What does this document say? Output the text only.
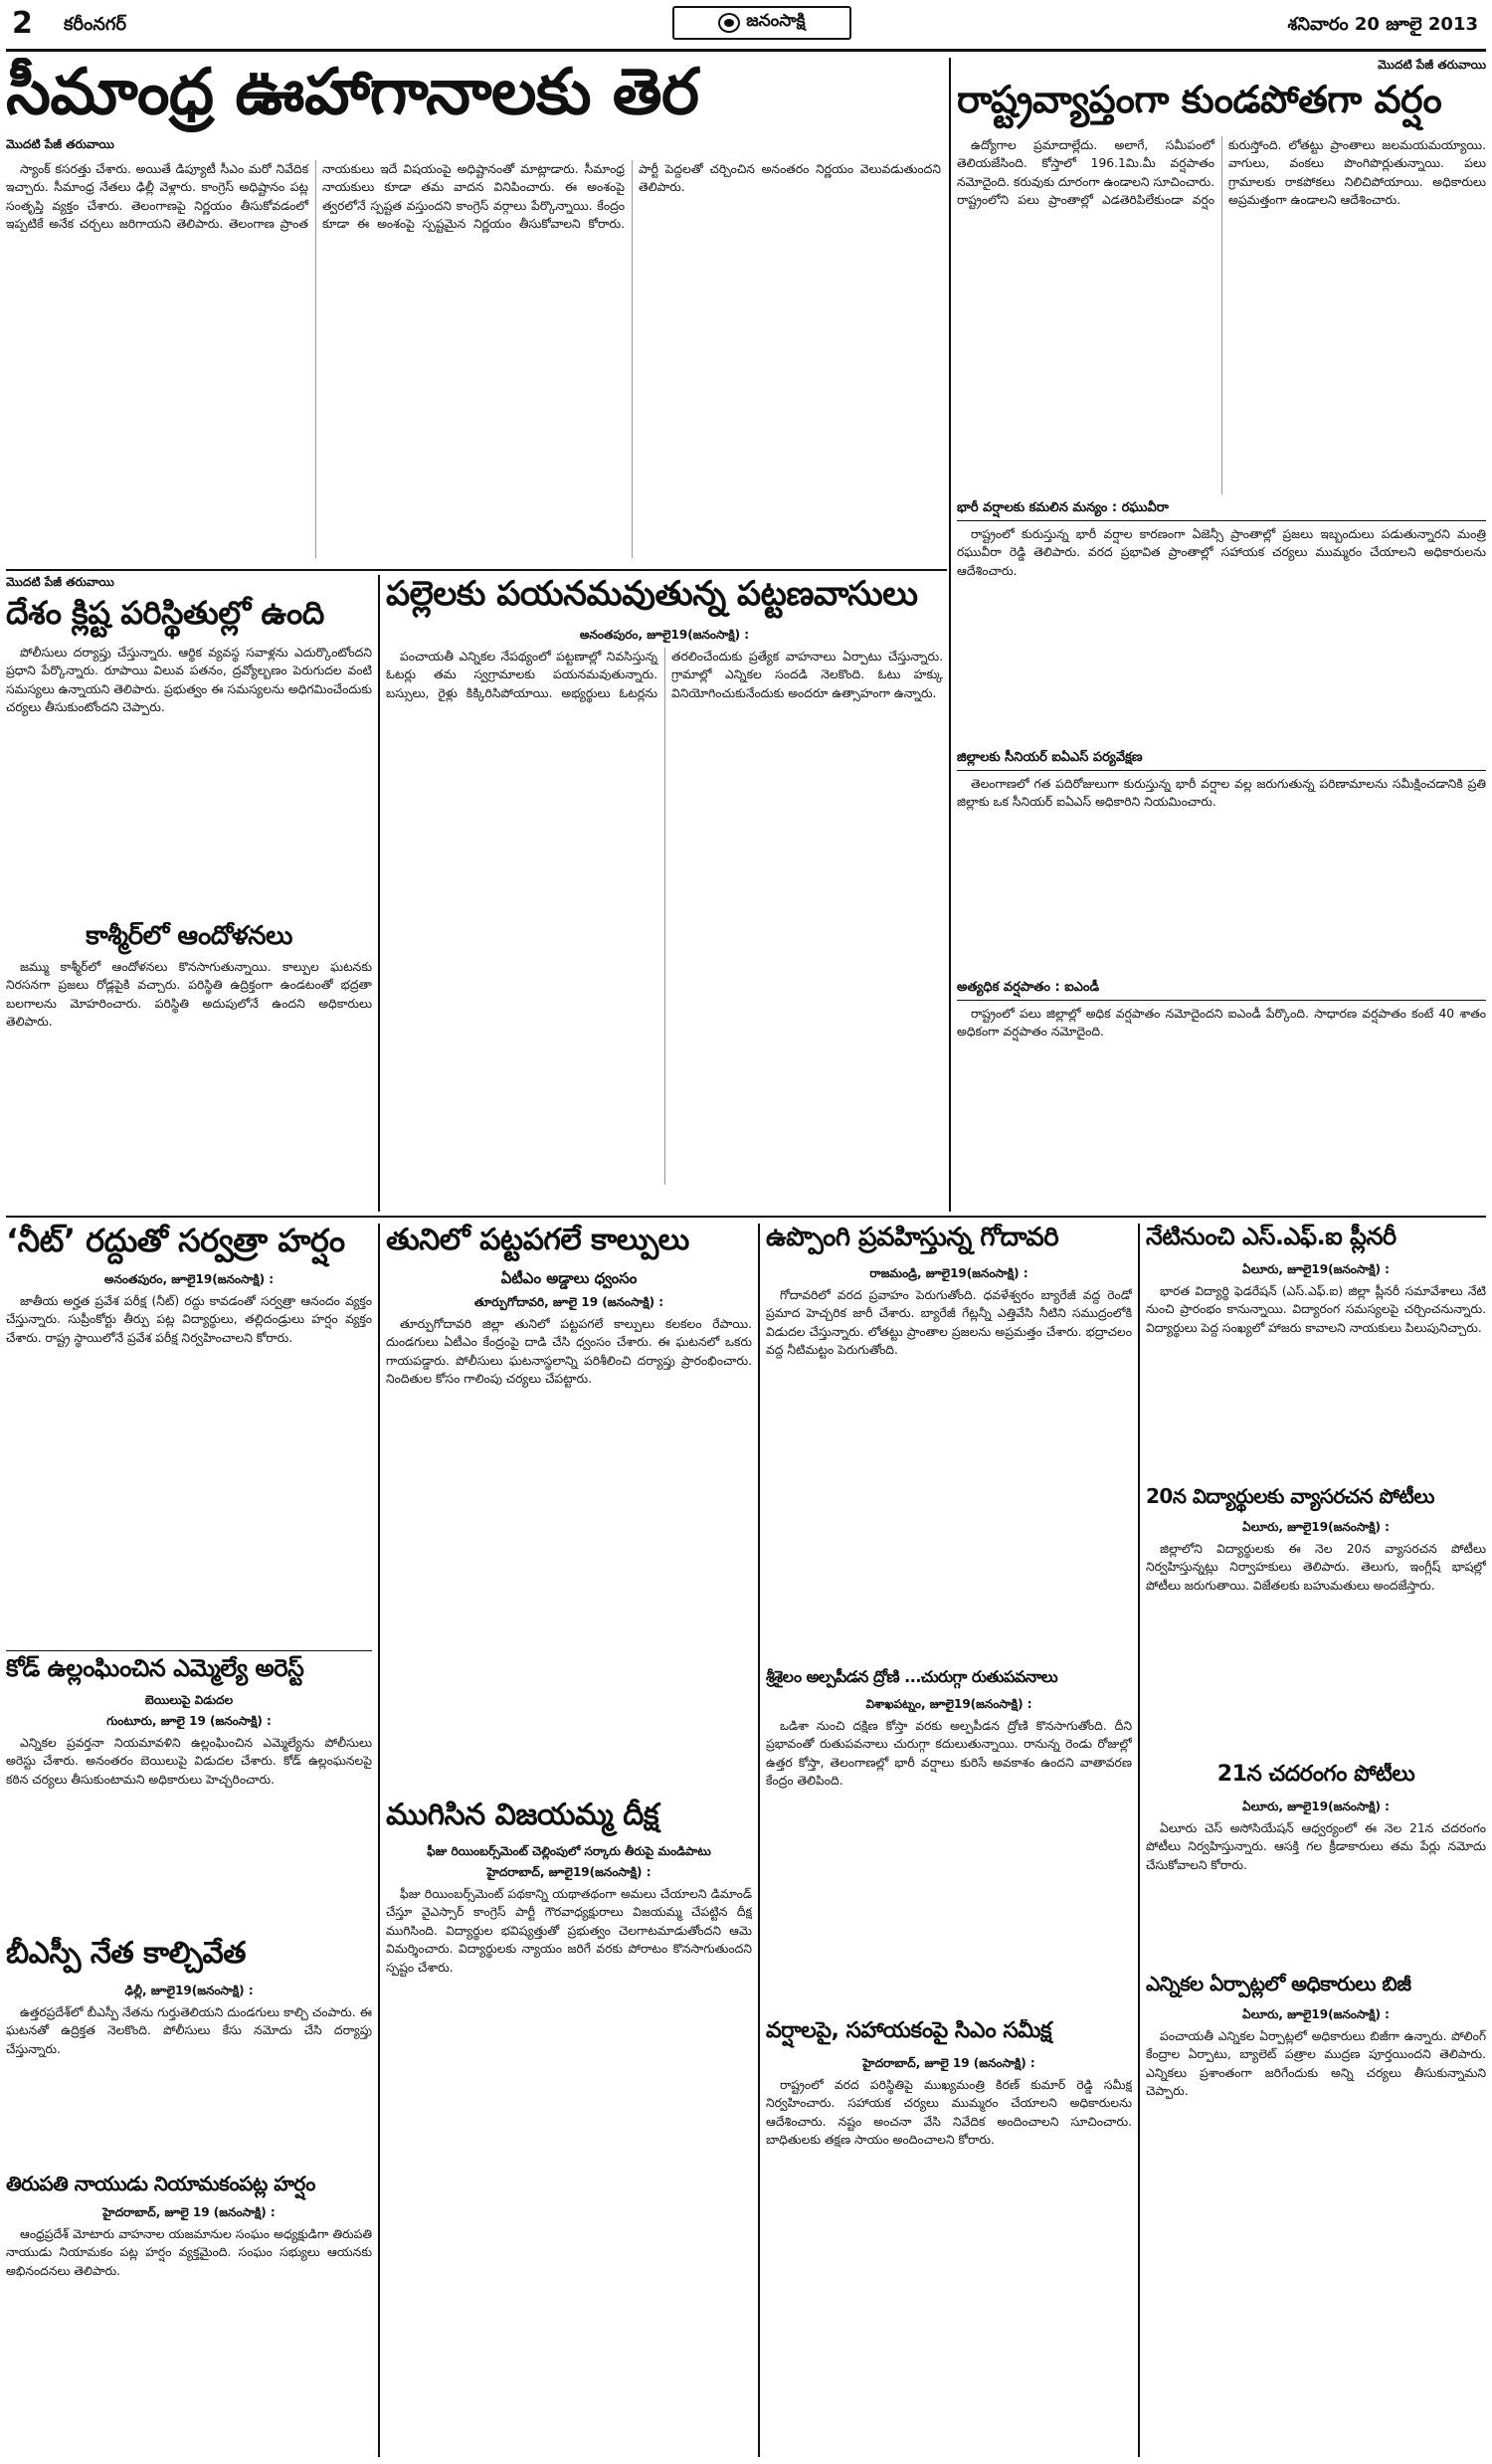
2 కరీంనగర్	జనంసాక్షి	శనివారం 20 జూలై 2013
సీమాంధ్ర ఊహాగానాలకు తెర
మొదటి పేజీ తరువాయి

స్యాంక్‌ కసరత్తు చేశారు. అయితే డిప్యూటీ సీఎం మరో నివేదిక ఇచ్చారు. సీమాంధ్ర నేతలు ఢిల్లీ వెళ్లారు. కాంగ్రెస్‌ అధిష్టానం పట్ల సంతృప్తి వ్యక్తం చేశారు. తెలంగాణపై నిర్ణయం తీసుకోవడంలో ఇప్పటికే అనేక చర్చలు జరిగాయని తెలిపారు. తెలంగాణ ప్రాంత నాయకులు ఇదే విషయంపై అధిష్టానంతో మాట్లాడారు. సీమాంధ్ర నాయకులు కూడా తమ వాదన వినిపించారు. ఈ అంశంపై త్వరలోనే స్పష్టత వస్తుందని కాంగ్రెస్‌ వర్గాలు పేర్కొన్నాయి. కేంద్రం కూడా ఈ అంశంపై స్పష్టమైన నిర్ణయం తీసుకోవాలని కోరారు. పార్టీ పెద్దలతో చర్చించిన అనంతరం నిర్ణయం వెలువడుతుందని తెలిపారు.

మొదటి పేజీ తరువాయి
రాష్ట్రవ్యాప్తంగా కుండపోతగా వర్షం

ఉద్యోగాల ప్రమాదాల్లేదు. అలాగే, సమీపంలో తెలియజేసింది. కోస్తాలో 196.1మి.మీ వర్షపాతం నమోదైంది. కరువుకు దూరంగా ఉండాలని సూచించారు. రాష్ట్రంలోని పలు ప్రాంతాల్లో ఎడతెరిపిలేకుండా వర్షం కురుస్తోంది. లోతట్టు ప్రాంతాలు జలమయమయ్యాయి. వాగులు, వంకలు పొంగిపొర్లుతున్నాయి. పలు గ్రామాలకు రాకపోకలు నిలిచిపోయాయి. అధికారులు అప్రమత్తంగా ఉండాలని ఆదేశించారు.

భారీ వర్షాలకు కమలిన మన్యం : రఘువీరా

రాష్ట్రంలో కురుస్తున్న భారీ వర్షాల కారణంగా ఏజెన్సీ ప్రాంతాల్లో ప్రజలు ఇబ్బందులు పడుతున్నారని మంత్రి రఘువీరా రెడ్డి తెలిపారు. వరద ప్రభావిత ప్రాంతాల్లో సహాయక చర్యలు ముమ్మరం చేయాలని అధికారులను ఆదేశించారు.

జిల్లాలకు సీనియర్‌ ఐఏఎస్‌ పర్యవేక్షణ

తెలంగాణలో గత పదిరోజులుగా కురుస్తున్న భారీ వర్షాల వల్ల జరుగుతున్న పరిణామాలను సమీక్షించడానికి ప్రతి జిల్లాకు ఒక సీనియర్‌ ఐఏఎస్‌ అధికారిని నియమించారు.

అత్యధిక వర్షపాతం : ఐఎండీ

రాష్ట్రంలో పలు జిల్లాల్లో అధిక వర్షపాతం నమోదైందని ఐఎండీ పేర్కొంది. సాధారణ వర్షపాతం కంటే 40 శాతం అధికంగా వర్షపాతం నమోదైంది.

మొదటి పేజీ తరువాయి
దేశం క్లిష్ట పరిస్థితుల్లో ఉంది

పోలీసులు దర్యాప్తు చేస్తున్నారు. ఆర్థిక వ్యవస్థ సవాళ్లను ఎదుర్కొంటోందని ప్రధాని పేర్కొన్నారు. రూపాయి విలువ పతనం, ద్రవ్యోల్బణం పెరుగుదల వంటి సమస్యలు ఉన్నాయని తెలిపారు. ప్రభుత్వం ఈ సమస్యలను అధిగమించేందుకు చర్యలు తీసుకుంటోందని చెప్పారు.

కాశ్మీర్‌లో ఆందోళనలు

జమ్ము కాశ్మీర్‌లో ఆందోళనలు కొనసాగుతున్నాయి. కాల్పుల ఘటనకు నిరసనగా ప్రజలు రోడ్లపైకి వచ్చారు. పరిస్థితి ఉద్రిక్తంగా ఉండటంతో భద్రతా బలగాలను మోహరించారు. పరిస్థితి అదుపులోనే ఉందని అధికారులు తెలిపారు.

పల్లెలకు పయనమవుతున్న పట్టణవాసులు
అనంతపురం, జూలై19(జనంసాక్షి) :

పంచాయతీ ఎన్నికల నేపథ్యంలో పట్టణాల్లో నివసిస్తున్న ఓటర్లు తమ స్వగ్రామాలకు పయనమవుతున్నారు. బస్సులు, రైళ్లు కిక్కిరిసిపోయాయి. అభ్యర్థులు ఓటర్లను తరలించేందుకు ప్రత్యేక వాహనాలు ఏర్పాటు చేస్తున్నారు. గ్రామాల్లో ఎన్నికల సందడి నెలకొంది. ఓటు హక్కు వినియోగించుకునేందుకు అందరూ ఉత్సాహంగా ఉన్నారు.

‘నీట్‌’ రద్దుతో సర్వత్రా హర్షం
అనంతపురం, జూలై19(జనంసాక్షి) :

జాతీయ అర్హత ప్రవేశ పరీక్ష (నీట్‌) రద్దు కావడంతో సర్వత్రా ఆనందం వ్యక్తం చేస్తున్నారు. సుప్రీంకోర్టు తీర్పు పట్ల విద్యార్థులు, తల్లిదండ్రులు హర్షం వ్యక్తం చేశారు. రాష్ట్ర స్థాయిలోనే ప్రవేశ పరీక్ష నిర్వహించాలని కోరారు.

కోడ్‌ ఉల్లంఘించిన ఎమ్మెల్యే అరెస్ట్‌
బెయిలుపై విడుదల
గుంటూరు, జూలై 19 (జనంసాక్షి) :

ఎన్నికల ప్రవర్తనా నియమావళిని ఉల్లంఘించిన ఎమ్మెల్యేను పోలీసులు అరెస్టు చేశారు. అనంతరం బెయిలుపై విడుదల చేశారు. కోడ్‌ ఉల్లంఘనలపై కఠిన చర్యలు తీసుకుంటామని అధికారులు హెచ్చరించారు.

బీఎస్పీ నేత కాల్చివేత
ఢిల్లీ, జూలై19(జనంసాక్షి) :

ఉత్తరప్రదేశ్‌లో బీఎస్పీ నేతను గుర్తుతెలియని దుండగులు కాల్చి చంపారు. ఈ ఘటనతో ఉద్రిక్తత నెలకొంది. పోలీసులు కేసు నమోదు చేసి దర్యాప్తు చేస్తున్నారు.

తిరుపతి నాయుడు నియామకంపట్ల హర్షం
హైదరాబాద్‌, జూలై 19 (జనంసాక్షి) :

ఆంధ్రప్రదేశ్‌ మోటారు వాహనాల యజమానుల సంఘం అధ్యక్షుడిగా తిరుపతి నాయుడు నియామకం పట్ల హర్షం వ్యక్తమైంది. సంఘం సభ్యులు ఆయనకు అభినందనలు తెలిపారు.

తునిలో పట్టపగలే కాల్పులు
ఏటీఎం అడ్డాలు ధ్వంసం
తూర్పుగోదావరి, జూలై 19 (జనంసాక్షి) :

తూర్పుగోదావరి జిల్లా తునిలో పట్టపగలే కాల్పులు కలకలం రేపాయి. దుండగులు ఏటీఎం కేంద్రంపై దాడి చేసి ధ్వంసం చేశారు. ఈ ఘటనలో ఒకరు గాయపడ్డారు. పోలీసులు ఘటనాస్థలాన్ని పరిశీలించి దర్యాప్తు ప్రారంభించారు. నిందితుల కోసం గాలింపు చర్యలు చేపట్టారు.

ముగిసిన విజయమ్మ దీక్ష
ఫీజు రియింబర్స్‌మెంట్‌ చెల్లింపులో సర్కారు తీరుపై మండిపాటు
హైదరాబాద్‌, జూలై19(జనంసాక్షి) :

ఫీజు రియింబర్స్‌మెంట్‌ పథకాన్ని యథాతథంగా అమలు చేయాలని డిమాండ్‌ చేస్తూ వైఎస్సార్‌ కాంగ్రెస్‌ పార్టీ గౌరవాధ్యక్షురాలు విజయమ్మ చేపట్టిన దీక్ష ముగిసింది. విద్యార్థుల భవిష్యత్తుతో ప్రభుత్వం చెలగాటమాడుతోందని ఆమె విమర్శించారు. విద్యార్థులకు న్యాయం జరిగే వరకు పోరాటం కొనసాగుతుందని స్పష్టం చేశారు.

ఉప్పొంగి ప్రవహిస్తున్న గోదావరి
రాజమండ్రి, జూలై19(జనంసాక్షి) :

గోదావరిలో వరద ప్రవాహం పెరుగుతోంది. ధవళేశ్వరం బ్యారేజీ వద్ద రెండో ప్రమాద హెచ్చరిక జారీ చేశారు. బ్యారేజీ గేట్లన్నీ ఎత్తివేసి నీటిని సముద్రంలోకి విడుదల చేస్తున్నారు. లోతట్టు ప్రాంతాల ప్రజలను అప్రమత్తం చేశారు. భద్రాచలం వద్ద నీటిమట్టం పెరుగుతోంది.

శ్రీశైలం అల్పపీడన ద్రోణి ...చురుగ్గా రుతుపవనాలు
విశాఖపట్నం, జూలై19(జనంసాక్షి) :

ఒడిశా నుంచి దక్షిణ కోస్తా వరకు అల్పపీడన ద్రోణి కొనసాగుతోంది. దీని ప్రభావంతో రుతుపవనాలు చురుగ్గా కదులుతున్నాయి. రానున్న రెండు రోజుల్లో ఉత్తర కోస్తా, తెలంగాణల్లో భారీ వర్షాలు కురిసే అవకాశం ఉందని వాతావరణ కేంద్రం తెలిపింది.

వర్షాలపై, సహాయకంపై సిఎం సమీక్ష
హైదరాబాద్‌, జూలై 19 (జనంసాక్షి) :

రాష్ట్రంలో వరద పరిస్థితిపై ముఖ్యమంత్రి కిరణ్‌ కుమార్‌ రెడ్డి సమీక్ష నిర్వహించారు. సహాయక చర్యలు ముమ్మరం చేయాలని అధికారులను ఆదేశించారు. నష్టం అంచనా వేసి నివేదిక అందించాలని సూచించారు. బాధితులకు తక్షణ సాయం అందించాలని కోరారు.

నేటినుంచి ఎస్‌.ఎఫ్‌.ఐ ప్లీనరీ
ఏలూరు, జూలై19(జనంసాక్షి) :

భారత విద్యార్థి ఫెడరేషన్‌ (ఎస్‌.ఎఫ్‌.ఐ) జిల్లా ప్లీనరీ సమావేశాలు నేటి నుంచి ప్రారంభం కానున్నాయి. విద్యారంగ సమస్యలపై చర్చించనున్నారు. విద్యార్థులు పెద్ద సంఖ్యలో హాజరు కావాలని నాయకులు పిలుపునిచ్చారు.

20న విద్యార్థులకు వ్యాసరచన పోటీలు
ఏలూరు, జూలై19(జనంసాక్షి) :

జిల్లాలోని విద్యార్థులకు ఈ నెల 20న వ్యాసరచన పోటీలు నిర్వహిస్తున్నట్లు నిర్వాహకులు తెలిపారు. తెలుగు, ఇంగ్లీష్‌ భాషల్లో పోటీలు జరుగుతాయి. విజేతలకు బహుమతులు అందజేస్తారు.

21న చదరంగం పోటీలు
ఏలూరు, జూలై19(జనంసాక్షి) :

ఏలూరు చెస్‌ అసోసియేషన్‌ ఆధ్వర్యంలో ఈ నెల 21న చదరంగం పోటీలు నిర్వహిస్తున్నారు. ఆసక్తి గల క్రీడాకారులు తమ పేర్లు నమోదు చేసుకోవాలని కోరారు.

ఎన్నికల ఏర్పాట్లలో అధికారులు బిజీ
ఏలూరు, జూలై19(జనంసాక్షి) :

పంచాయతీ ఎన్నికల ఏర్పాట్లలో అధికారులు బిజీగా ఉన్నారు. పోలింగ్‌ కేంద్రాల ఏర్పాటు, బ్యాలెట్‌ పత్రాల ముద్రణ పూర్తయిందని తెలిపారు. ఎన్నికలు ప్రశాంతంగా జరిగేందుకు అన్ని చర్యలు తీసుకున్నామని చెప్పారు.
